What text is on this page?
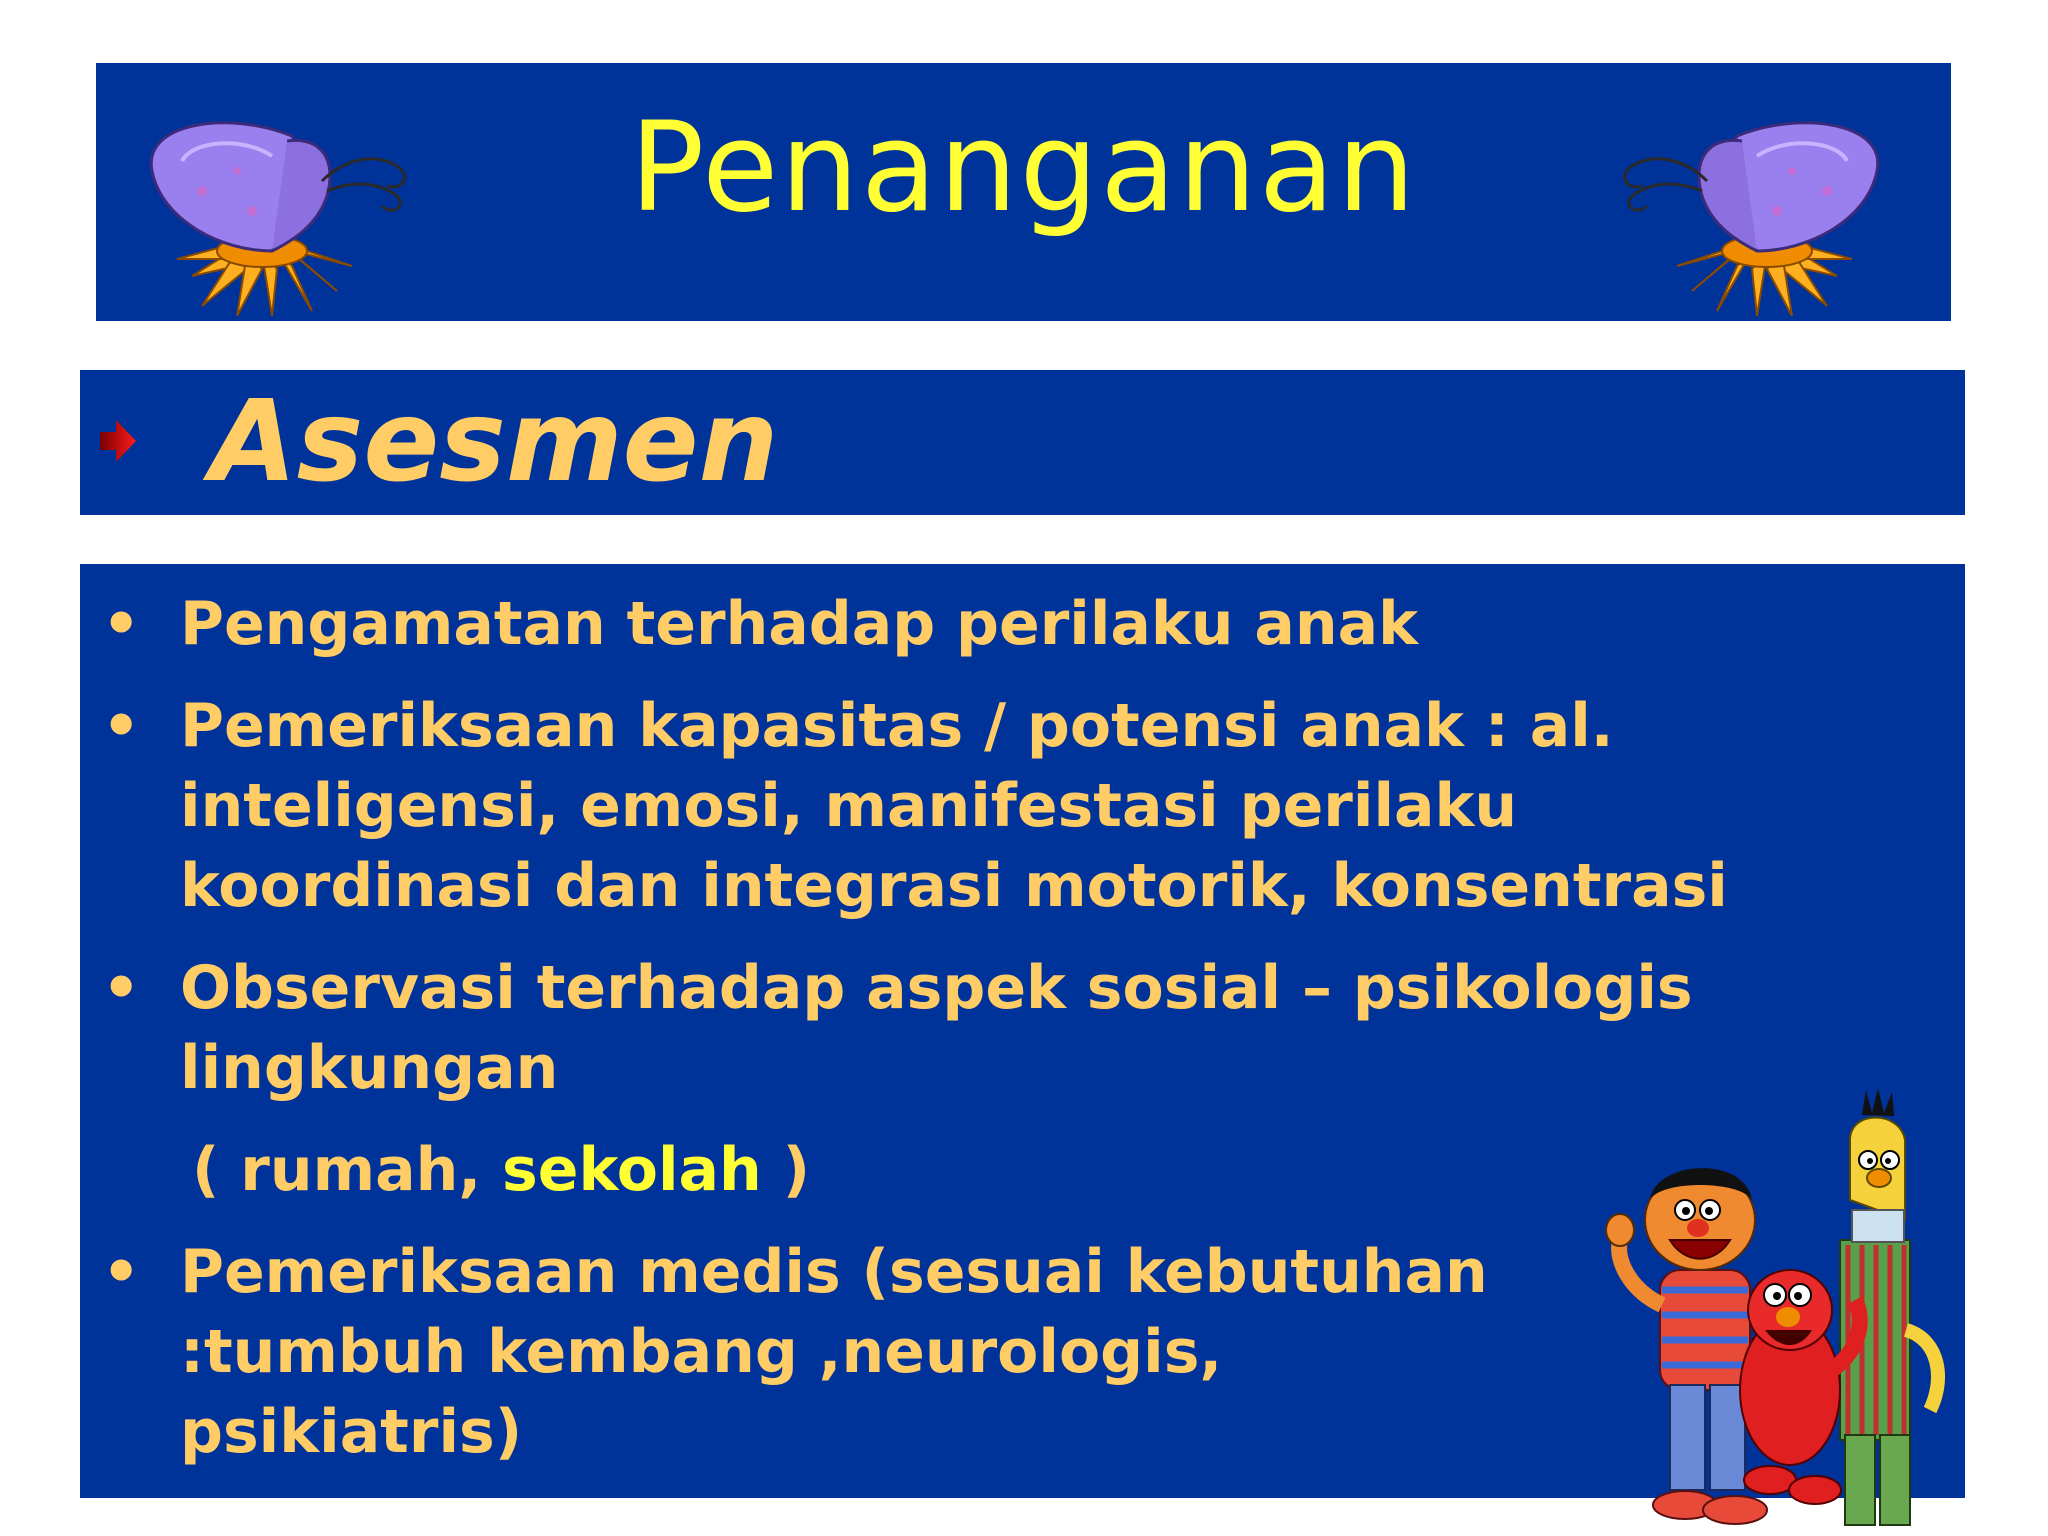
Penanganan
Asesmen
• Pengamatan terhadap perilaku anak
• Pemeriksaan kapasitas / potensi anak : al. inteligensi, emosi, manifestasi perilaku koordinasi dan integrasi motorik, konsentrasi
• Observasi terhadap aspek sosial – psikologis lingkungan
( rumah, sekolah )
• Pemeriksaan medis (sesuai kebutuhan :tumbuh kembang ,neurologis, psikiatris)
